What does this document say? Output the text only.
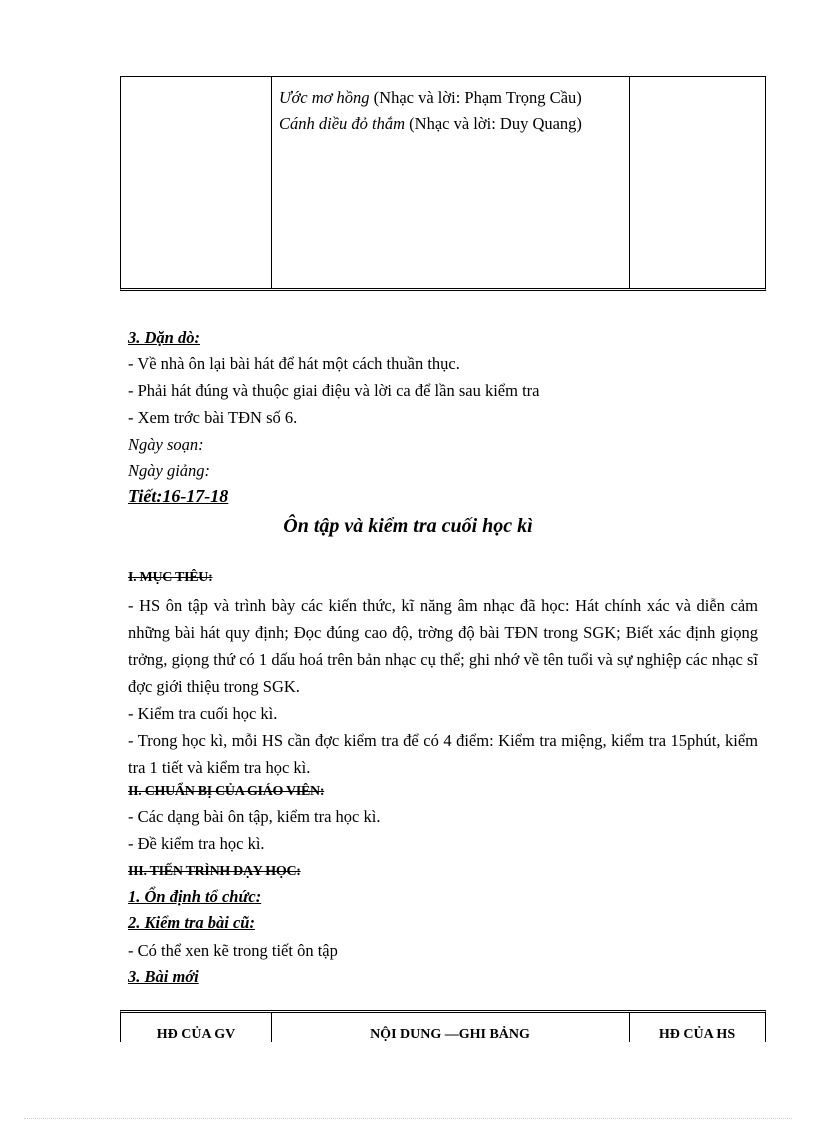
Ước mơ hồng (Nhạc và lời: Phạm Trọng Cầu)

Cánh diều đỏ thắm (Nhạc và lời: Duy Quang)

3. Dặn dò:
- Về nhà ôn lại bài hát để hát một cách thuần thục.
- Phải hát đúng và thuộc giai điệu và lời ca để lần sau kiểm tra
- Xem trớc bài TĐN số 6.
Ngày soạn:
Ngày giảng:
Tiết:16-17-18
Ôn tập và kiểm tra cuối học kì
I. MỤC TIÊU:

- HS ôn tập và trình bày các kiến thức, kĩ năng âm nhạc đã học: Hát chính xác và diễn cảm những bài hát quy định; Đọc đúng cao độ, trờng độ bài TĐN trong SGK; Biết xác định giọng trởng, giọng thứ có 1 dấu hoá trên bản nhạc cụ thể; ghi nhớ về tên tuổi và sự nghiệp các nhạc sĩ đợc giới thiệu trong SGK.

- Kiểm tra cuối học kì.

- Trong học kì, mỗi HS cần đợc kiểm tra để có 4 điểm: Kiểm tra miệng, kiểm tra 15phút, kiểm tra 1 tiết và kiểm tra học kì.

II. CHUẨN BỊ CỦA GIÁO VIÊN:
- Các dạng bài ôn tập, kiểm tra học kì.
- Đề kiểm tra học kì.
III. TIẾN TRÌNH DẠY HỌC:
1. Ổn định tổ chức:
2. Kiểm tra bài cũ:
- Có thể xen kẽ trong tiết ôn tập
3. Bài mới
HĐ CỦA GV	NỘI DUNG —GHI BẢNG	HĐ CỦA HS
